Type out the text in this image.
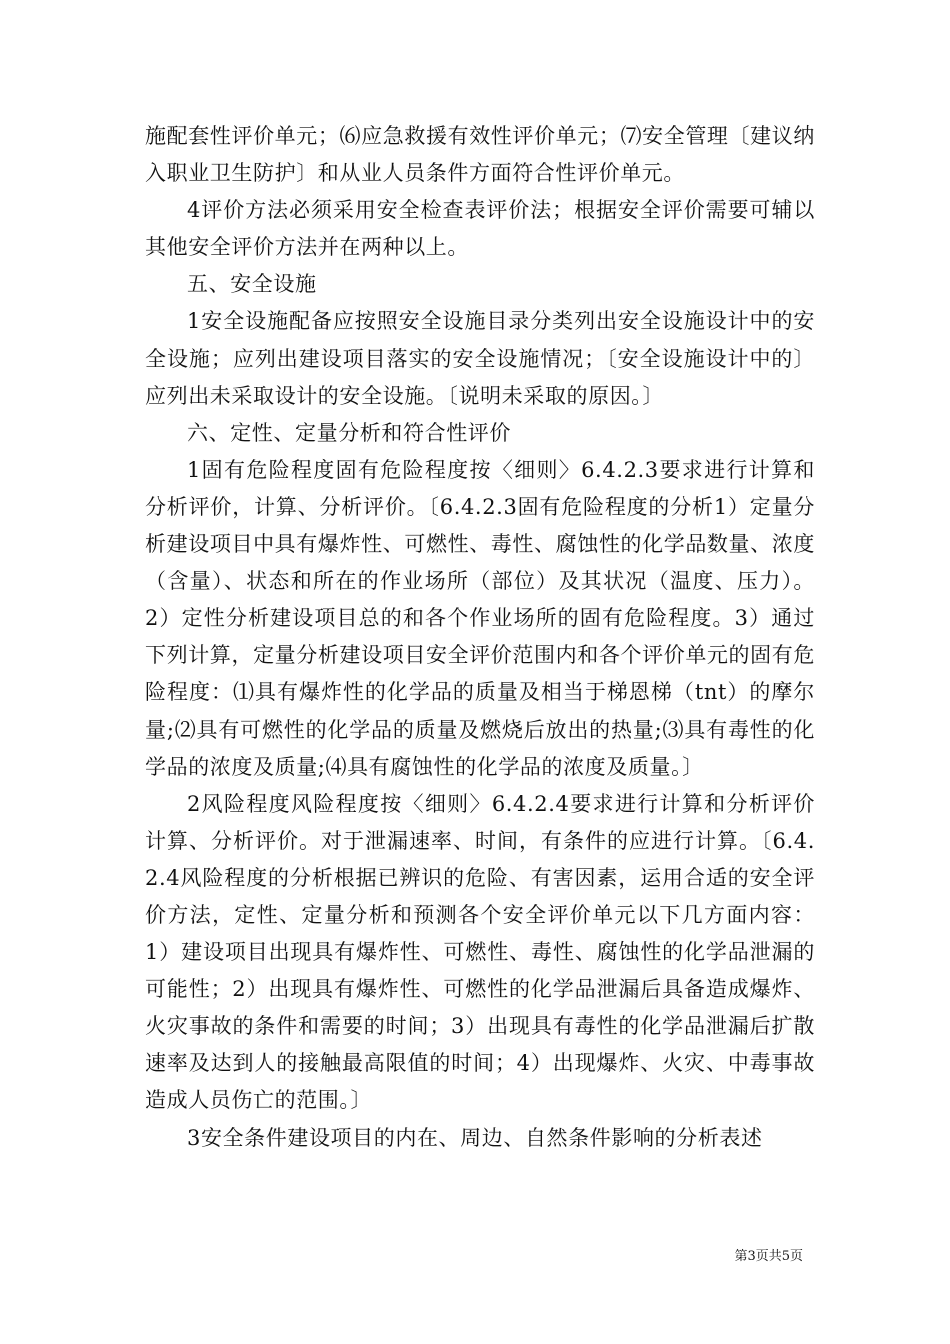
施配套性评价单元；⑹应急救援有效性评价单元；⑺安全管理〔建议纳入职业卫生防护〕和从业人员条件方面符合性评价单元。

4评价方法必须采用安全检查表评价法；根据安全评价需要可辅以其他安全评价方法并在两种以上。

五、安全设施

1安全设施配备应按照安全设施目录分类列出安全设施设计中的安全设施；应列出建设项目落实的安全设施情况；〔安全设施设计中的〕应列出未采取设计的安全设施。〔说明未采取的原因。〕

六、定性、定量分析和符合性评价

1固有危险程度固有危险程度按〈细则〉6.4.2.3要求进行计算和分析评价，计算、分析评价。〔6.4.2.3固有危险程度的分析1）定量分析建设项目中具有爆炸性、可燃性、毒性、腐蚀性的化学品数量、浓度（含量）、状态和所在的作业场所（部位）及其状况（温度、压力）。2）定性分析建设项目总的和各个作业场所的固有危险程度。3）通过下列计算，定量分析建设项目安全评价范围内和各个评价单元的固有危险程度：⑴具有爆炸性的化学品的质量及相当于梯恩梯（tnt）的摩尔量;⑵具有可燃性的化学品的质量及燃烧后放出的热量;⑶具有毒性的化学品的浓度及质量;⑷具有腐蚀性的化学品的浓度及质量。〕

2风险程度风险程度按〈细则〉6.4.2.4要求进行计算和分析评价计算、分析评价。对于泄漏速率、时间，有条件的应进行计算。〔6.4.2.4风险程度的分析根据已辨识的危险、有害因素，运用合适的安全评价方法，定性、定量分析和预测各个安全评价单元以下几方面内容：1）建设项目出现具有爆炸性、可燃性、毒性、腐蚀性的化学品泄漏的可能性；2）出现具有爆炸性、可燃性的化学品泄漏后具备造成爆炸、火灾事故的条件和需要的时间；3）出现具有毒性的化学品泄漏后扩散速率及达到人的接触最高限值的时间；4）出现爆炸、火灾、中毒事故造成人员伤亡的范围。〕

3安全条件建设项目的内在、周边、自然条件影响的分析表述

第3页共5页
